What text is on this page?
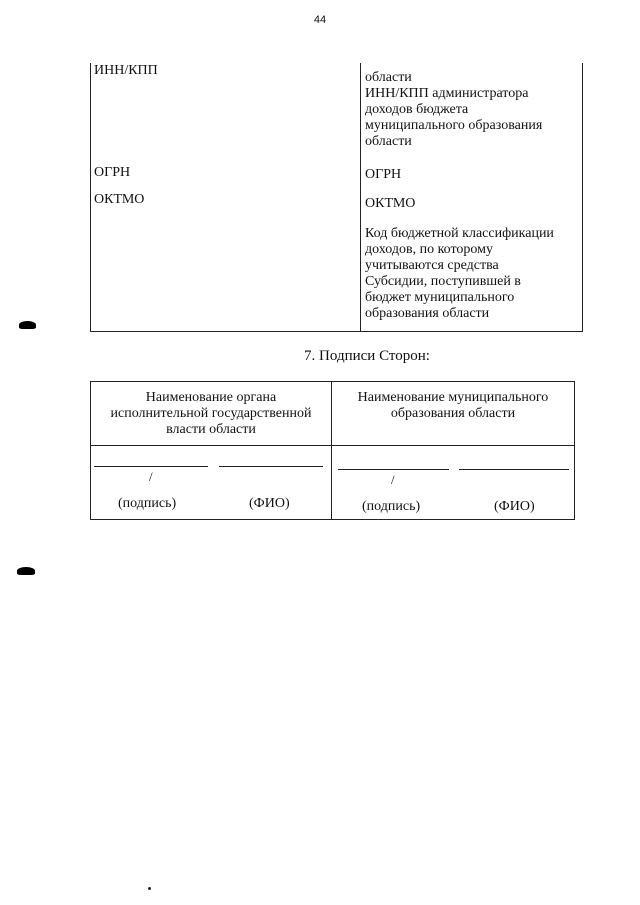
44
ИНН/КПП
ОГРН
ОКТМО
области
ИНН/КПП администратора
доходов бюджета
муниципального образования
области
ОГРН
ОКТМО
Код бюджетной классификации
доходов, по которому
учитываются средства
Субсидии, поступившей в
бюджет муниципального
образования области
7. Подписи Сторон:
Наименование органа
исполнительной государственной
власти области
Наименование муниципального
образования области
/
(подпись)	(ФИО)
/
(подпись)	(ФИО)
